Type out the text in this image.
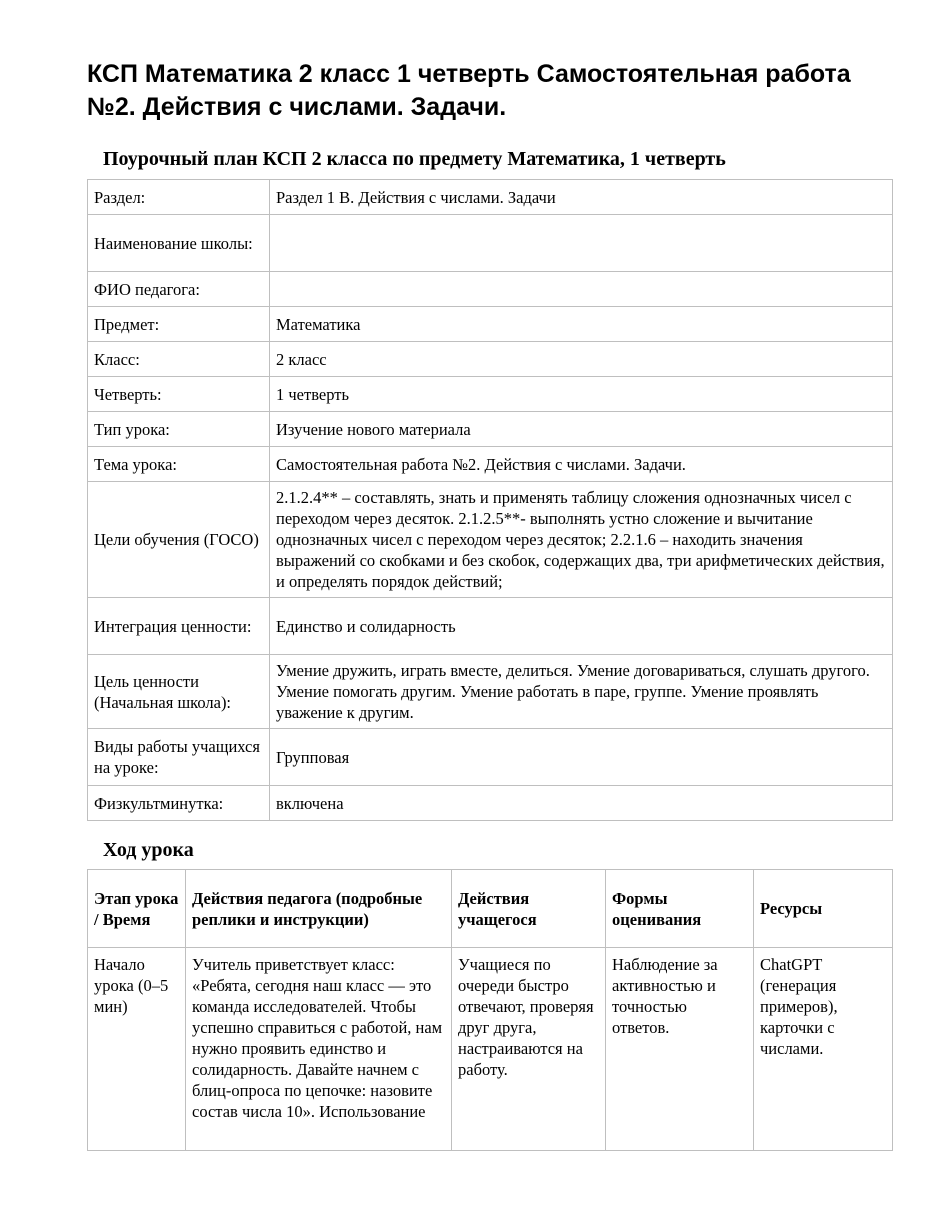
КСП Математика 2 класс 1 четверть Самостоятельная работа №2. Действия с числами. Задачи.
Поурочный план КСП 2 класса по предмету Математика, 1 четверть
Раздел:	Раздел 1 В. Действия с числами. Задачи
Наименование школы:	
ФИО педагога:	
Предмет:	Математика
Класс:	2 класс
Четверть:	1 четверть
Тип урока:	Изучение нового материала
Тема урока:	Самостоятельная работа №2. Действия с числами. Задачи.
Цели обучения (ГОСО)	2.1.2.4** – составлять, знать и применять таблицу сложения однозначных чисел с переходом через десяток. 2.1.2.5**- выполнять устно сложение и вычитание однозначных чисел с переходом через десяток; 2.2.1.6 – находить значения выражений со скобками и без скобок, содержащих два, три арифметических действия, и определять порядок действий;
Интеграция ценности:	Единство и солидарность
Цель ценности (Начальная школа):	Умение дружить, играть вместе, делиться. Умение договариваться, слушать другого. Умение помогать другим. Умение работать в паре, группе. Умение проявлять уважение к другим.
Виды работы учащихся на уроке:	Групповая
Физкультминутка:	включена
Ход урока
Этап урока / Время	Действия педагога (подробные реплики и инструкции)	Действия учащегося	Формы оценивания	Ресурсы
Начало урока (0–5 мин)	Учитель приветствует класс: «Ребята, сегодня наш класс — это команда исследователей. Чтобы успешно справиться с работой, нам нужно проявить единство и солидарность. Давайте начнем с блиц-опроса по цепочке: назовите состав числа 10». Использование	Учащиеся по очереди быстро отвечают, проверяя друг друга, настраиваются на работу.	Наблюдение за активностью и точностью ответов.	ChatGPT (генерация примеров), карточки с числами.
